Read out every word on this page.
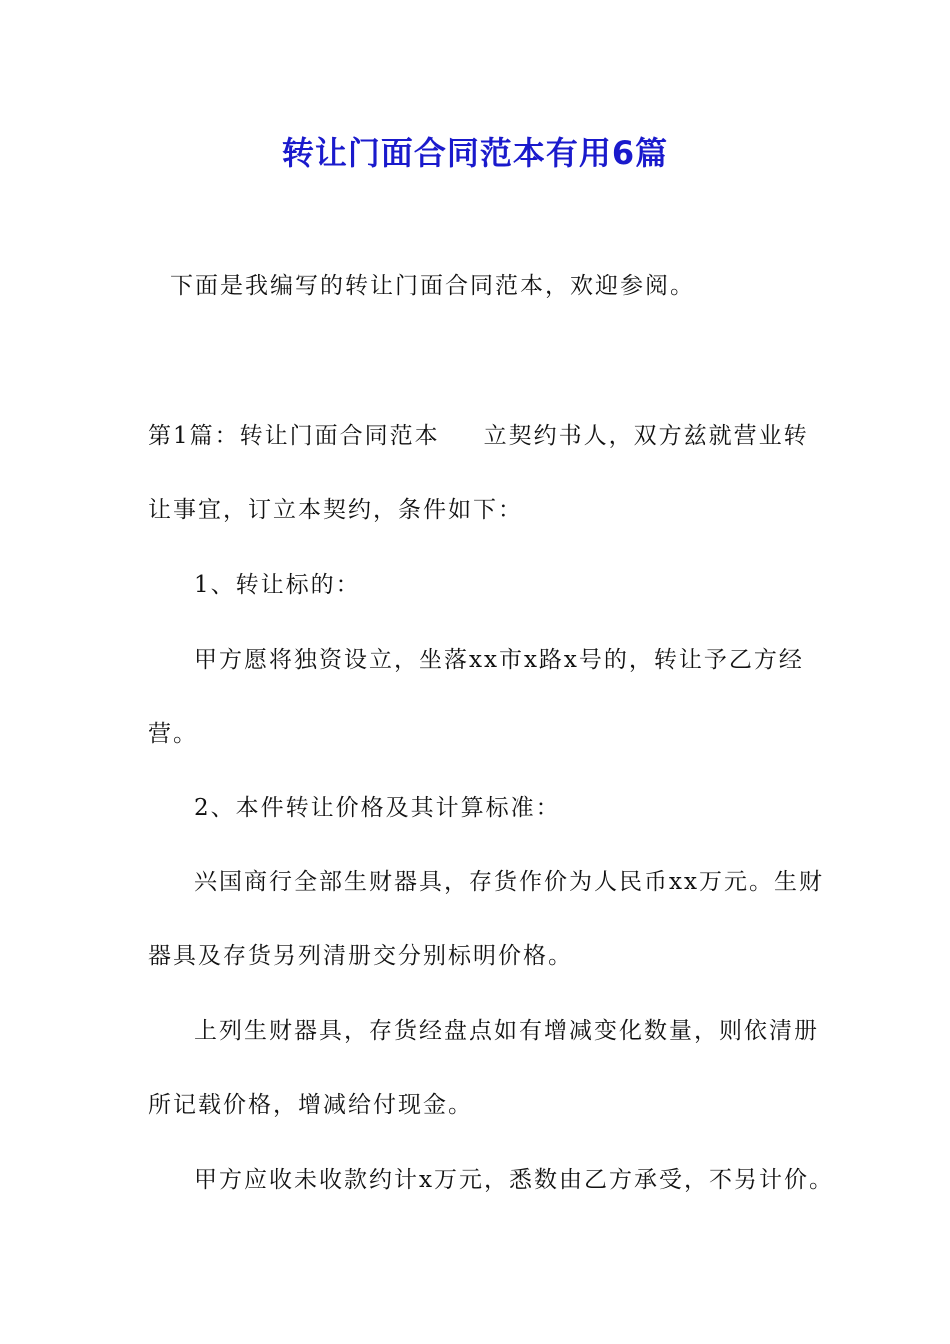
转让门面合同范本有用6篇
下面是我编写的转让门面合同范本，欢迎参阅。
第1篇：转让门面合同范本 立契约书人，双方兹就营业转
让事宜，订立本契约，条件如下：
1、转让标的：
甲方愿将独资设立，坐落xx市x路x号的，转让予乙方经
营。
2、本件转让价格及其计算标准：
兴国商行全部生财器具，存货作价为人民币xx万元。生财
器具及存货另列清册交分别标明价格。
上列生财器具，存货经盘点如有增减变化数量，则依清册
所记载价格，增减给付现金。
甲方应收未收款约计x万元，悉数由乙方承受，不另计价。
